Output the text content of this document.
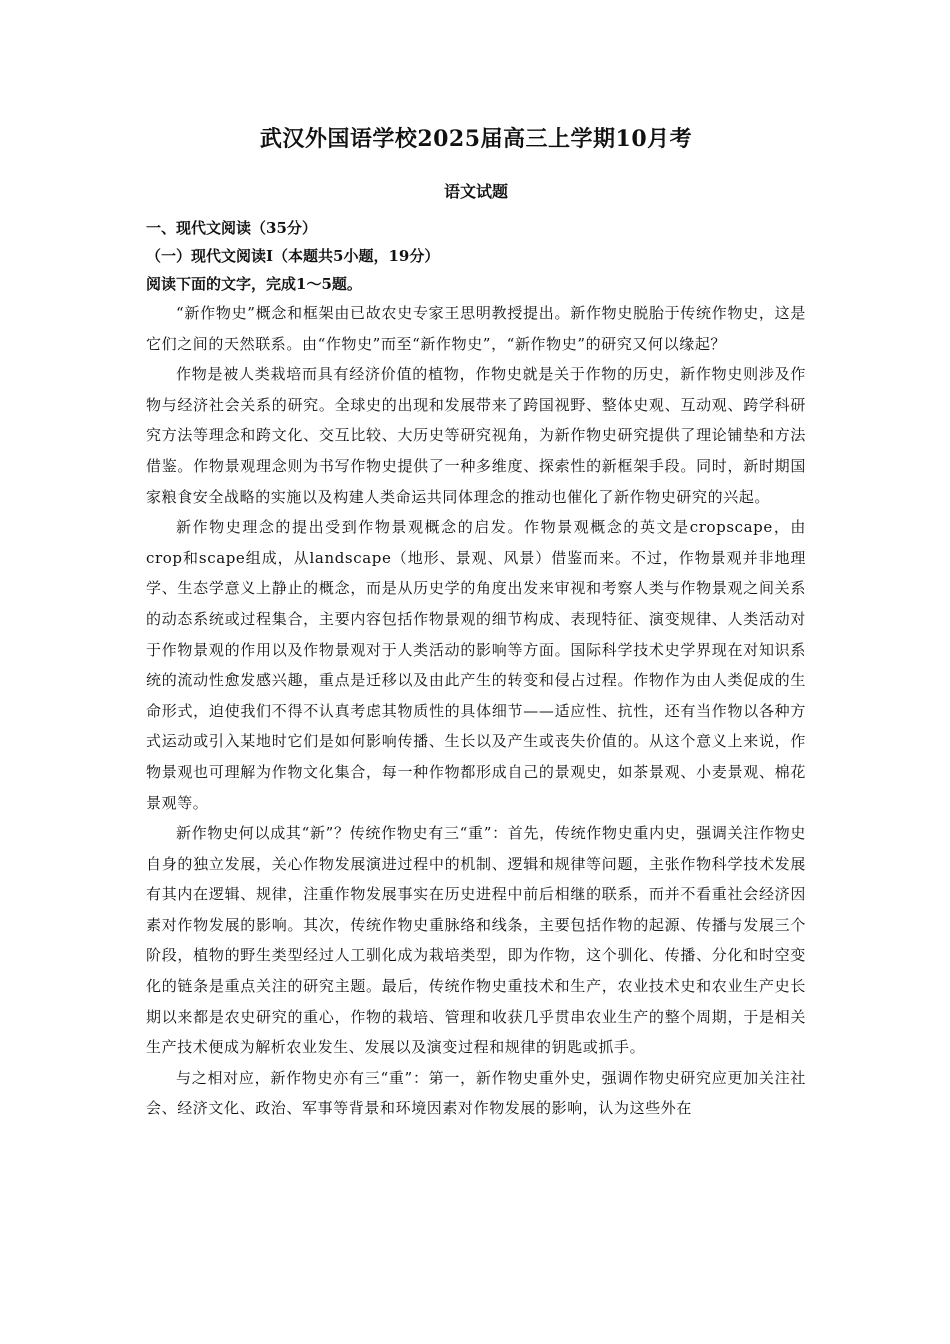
武汉外国语学校2025届高三上学期10月考
语文试题

一、现代文阅读（35分）

（一）现代文阅读Ⅰ（本题共5小题，19分）

阅读下面的文字，完成1～5题。

“新作物史”概念和框架由已故农史专家王思明教授提出。新作物史脱胎于传统作物史，这是它们之间的天然联系。由“作物史”而至“新作物史”，“新作物史”的研究又何以缘起？

作物是被人类栽培而具有经济价值的植物，作物史就是关于作物的历史，新作物史则涉及作物与经济社会关系的研究。全球史的出现和发展带来了跨国视野、整体史观、互动观、跨学科研究方法等理念和跨文化、交互比较、大历史等研究视角，为新作物史研究提供了理论铺垫和方法借鉴。作物景观理念则为书写作物史提供了一种多维度、探索性的新框架手段。同时，新时期国家粮食安全战略的实施以及构建人类命运共同体理念的推动也催化了新作物史研究的兴起。

新作物史理念的提出受到作物景观概念的启发。作物景观概念的英文是cropscape，由crop和scape组成，从landscape（地形、景观、风景）借鉴而来。不过，作物景观并非地理学、生态学意义上静止的概念，而是从历史学的角度出发来审视和考察人类与作物景观之间关系的动态系统或过程集合，主要内容包括作物景观的细节构成、表现特征、演变规律、人类活动对于作物景观的作用以及作物景观对于人类活动的影响等方面。国际科学技术史学界现在对知识系统的流动性愈发感兴趣，重点是迁移以及由此产生的转变和侵占过程。作物作为由人类促成的生命形式，迫使我们不得不认真考虑其物质性的具体细节——适应性、抗性，还有当作物以各种方式运动或引入某地时它们是如何影响传播、生长以及产生或丧失价值的。从这个意义上来说，作物景观也可理解为作物文化集合，每一种作物都形成自己的景观史，如茶景观、小麦景观、棉花景观等。

新作物史何以成其“新”？传统作物史有三“重”：首先，传统作物史重内史，强调关注作物史自身的独立发展，关心作物发展演进过程中的机制、逻辑和规律等问题，主张作物科学技术发展有其内在逻辑、规律，注重作物发展事实在历史进程中前后相继的联系，而并不看重社会经济因素对作物发展的影响。其次，传统作物史重脉络和线条，主要包括作物的起源、传播与发展三个阶段，植物的野生类型经过人工驯化成为栽培类型，即为作物，这个驯化、传播、分化和时空变化的链条是重点关注的研究主题。最后，传统作物史重技术和生产，农业技术史和农业生产史长期以来都是农史研究的重心，作物的栽培、管理和收获几乎贯串农业生产的整个周期，于是相关生产技术便成为解析农业发生、发展以及演变过程和规律的钥匙或抓手。

与之相对应，新作物史亦有三“重”：第一，新作物史重外史，强调作物史研究应更加关注社会、经济文化、政治、军事等背景和环境因素对作物发展的影响，认为这些外在
